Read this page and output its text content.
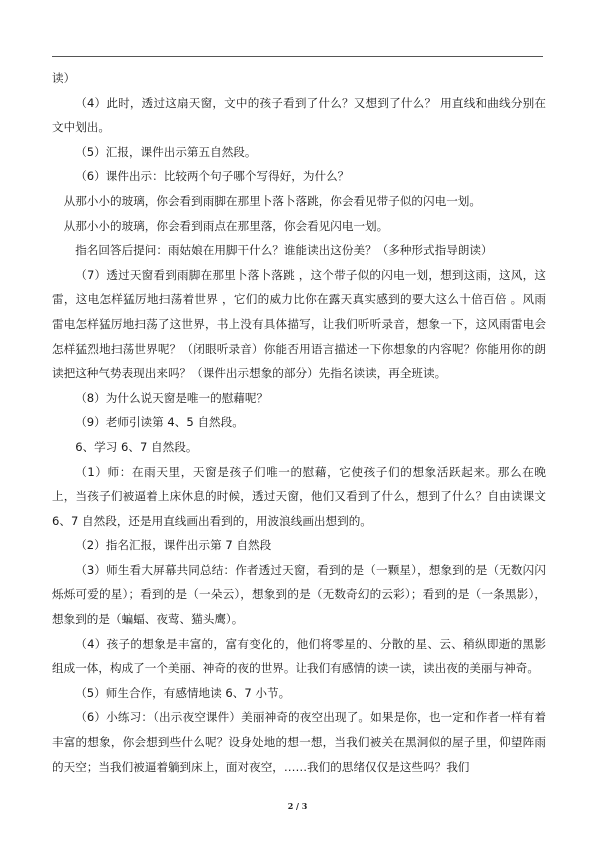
读）

（4）此时，透过这扇天窗，文中的孩子看到了什么？又想到了什么？ 用直线和曲线分别在文中划出。

（5）汇报，课件出示第五自然段。

（6）课件出示：比较两个句子哪个写得好，为什么？

从那小小的玻璃，你会看到雨脚在那里卜落卜落跳，你会看见带子似的闪电一划。

从那小小的玻璃，你会看到雨点在那里落，你会看见闪电一划。

指名回答后提问：雨姑娘在用脚干什么？谁能读出这份美？（多种形式指导朗读）

（7）透过天窗看到雨脚在那里卜落卜落跳 ，这个带子似的闪电一划，想到这雨，这风，这雷，这电怎样猛厉地扫荡着世界 ，它们的威力比你在露天真实感到的要大这么十倍百倍 。风雨雷电怎样猛厉地扫荡了这世界，书上没有具体描写，让我们听听录音，想象一下，这风雨雷电会怎样猛烈地扫荡世界呢？（闭眼听录音）你能否用语言描述一下你想象的内容呢？你能用你的朗读把这种气势表现出来吗？（课件出示想象的部分）先指名读读，再全班读。

（8）为什么说天窗是唯一的慰藉呢？

（9）老师引读第 4、5 自然段。

6、学习 6、7 自然段。

（1）师：在雨天里，天窗是孩子们唯一的慰藉，它使孩子们的想象活跃起来。那么在晚上，当孩子们被逼着上床休息的时候，透过天窗，他们又看到了什么，想到了什么？自由读课文 6、7 自然段，还是用直线画出看到的，用波浪线画出想到的。

（2）指名汇报，课件出示第 7 自然段

（3）师生看大屏幕共同总结：作者透过天窗，看到的是（一颗星），想象到的是（无数闪闪烁烁可爱的星）；看到的是（一朵云），想象到的是（无数奇幻的云彩）；看到的是（一条黑影），想象到的是（蝙蝠、夜莺、猫头鹰）。

（4）孩子的想象是丰富的，富有变化的，他们将零星的、分散的星、云、稍纵即逝的黑影组成一体，构成了一个美丽、神奇的夜的世界。让我们有感情的读一读，读出夜的美丽与神奇。

（5）师生合作，有感情地读 6、7 小节。

（6）小练习：（出示夜空课件）美丽神奇的夜空出现了。如果是你，也一定和作者一样有着丰富的想象，你会想到些什么呢？设身处地的想一想，当我们被关在黑洞似的屋子里，仰望阵雨的天空；当我们被逼着躺到床上，面对夜空，……我们的思绪仅仅是这些吗？我们

2 / 3
